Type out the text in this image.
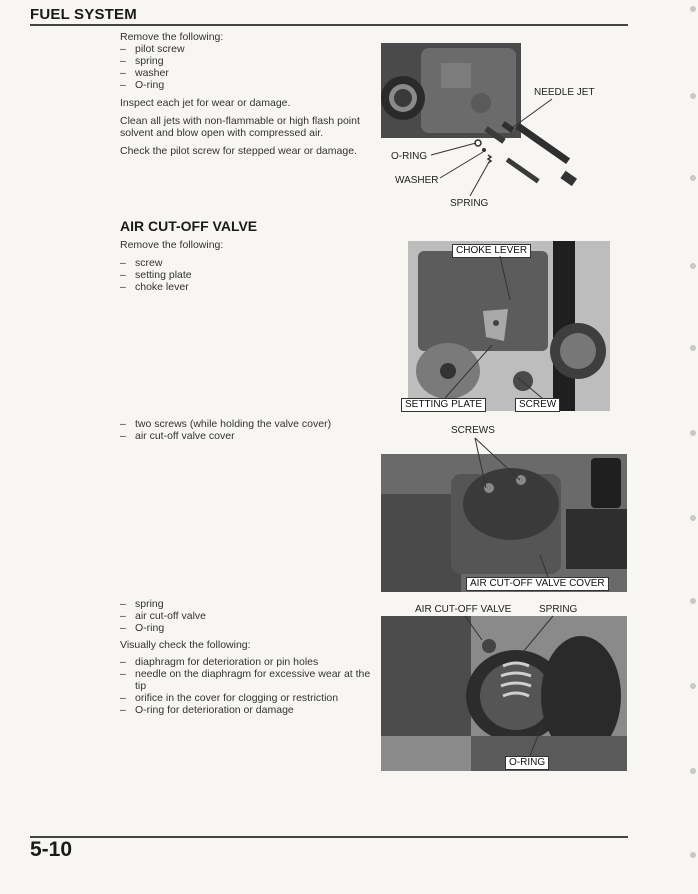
FUEL SYSTEM
Remove the following:
– pilot screw
– spring
– washer
– O-ring

Inspect each jet for wear or damage.

Clean all jets with non-flammable or high flash point solvent and blow open with compressed air.

Check the pilot screw for stepped wear or damage.

NEEDLE JET
O-RING
WASHER
SPRING
AIR CUT-OFF VALVE
Remove the following:
– screw
– setting plate
– choke lever
CHOKE LEVER
SETTING PLATE	SCREW
– two screws (while holding the valve cover)
– air cut-off valve cover	SCREWS
AIR CUT-OFF VALVE COVER
– spring
– air cut-off valve
– O-ring
Visually check the following:
– diaphragm for deterioration or pin holes
– needle on the diaphragm for excessive wear at the tip
– orifice in the cover for clogging or restriction
– O-ring for deterioration or damage
AIR CUT-OFF VALVE	SPRING
O-RING
5-10
